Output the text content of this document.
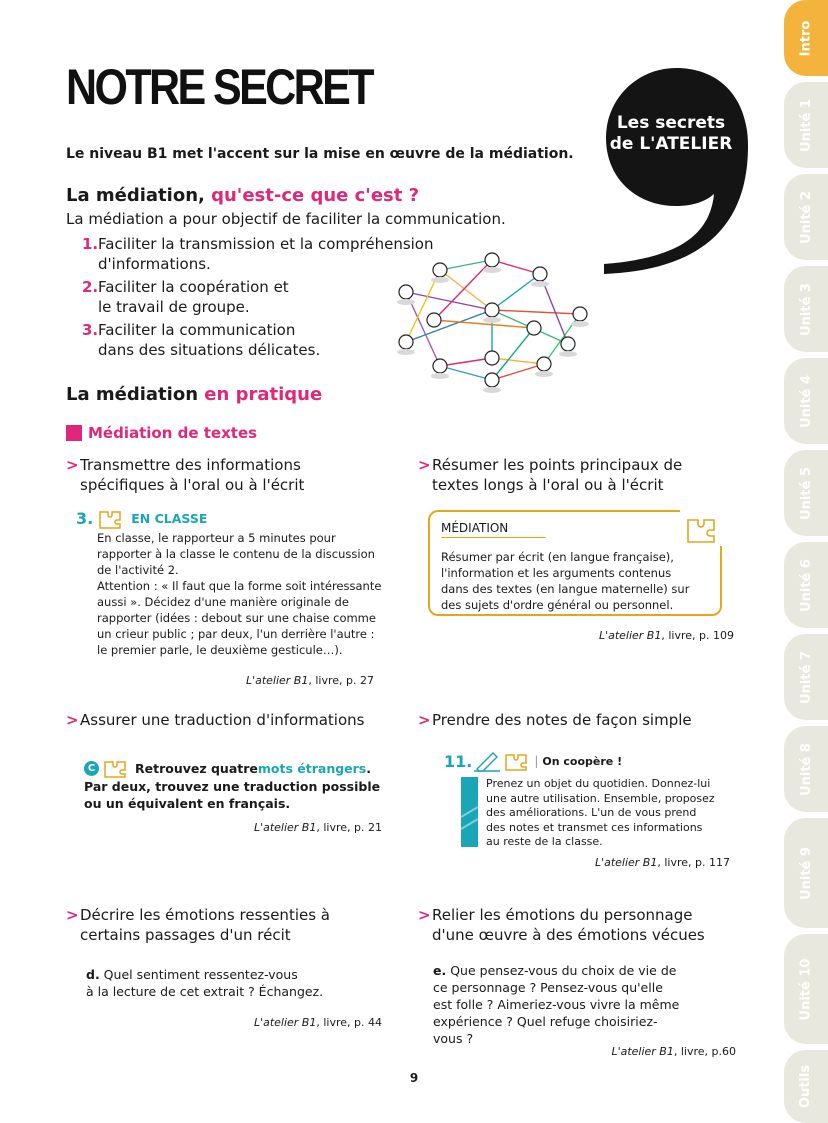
NOTRE SECRET
Le niveau B1 met l'accent sur la mise en œuvre de la médiation.
Les secrets
de L'ATELIER
La médiation, qu'est-ce que c'est ?
La médiation a pour objectif de faciliter la communication.
1. Faciliter la transmission et la compréhension
d'informations.
2. Faciliter la coopération et
le travail de groupe.
3. Faciliter la communication
dans des situations délicates.
La médiation en pratique
Médiation de textes
> Transmettre des informations
spécifiques à l'oral ou à l'écrit
> Résumer les points principaux de
textes longs à l'oral ou à l'écrit
3.	EN CLASSE
En classe, le rapporteur a 5 minutes pour
rapporter à la classe le contenu de la discussion
de l'activité 2.
Attention : « Il faut que la forme soit intéressante
aussi ». Décidez d'une manière originale de
rapporter (idées : debout sur une chaise comme
un crieur public ; par deux, l'un derrière l'autre :
le premier parle, le deuxième gesticule…).
L'atelier B1, livre, p. 27
MÉDIATION
Résumer par écrit (en langue française),
l'information et les arguments contenus
dans des textes (en langue maternelle) sur
des sujets d'ordre général ou personnel.
L'atelier B1, livre, p. 109
> Assurer une traduction d'informations	> Prendre des notes de façon simple
C	Retrouvez quatre mots étrangers .
Par deux, trouvez une traduction possible
ou un équivalent en français.
L'atelier B1, livre, p. 21
11.	| On coopère !
Prenez un objet du quotidien. Donnez-lui
une autre utilisation. Ensemble, proposez
des améliorations. L'un de vous prend
des notes et transmet ces informations
au reste de la classe.
L'atelier B1, livre, p. 117
> Décrire les émotions ressenties à
certains passages d'un récit
> Relier les émotions du personnage
d'une œuvre à des émotions vécues
d. Quel sentiment ressentez-vous
à la lecture de cet extrait ? Échangez.
L'atelier B1, livre, p. 44
e. Que pensez-vous du choix de vie de
ce personnage ? Pensez-vous qu'elle
est folle ? Aimeriez-vous vivre la même
expérience ? Quel refuge choisiriez-
vous ?
L'atelier B1, livre, p.60
9
Intro
Unité 1
Unité 2
Unité 3
Unité 4
Unité 5
Unité 6
Unité 7
Unité 8
Unité 9
Unité 10
Outils
